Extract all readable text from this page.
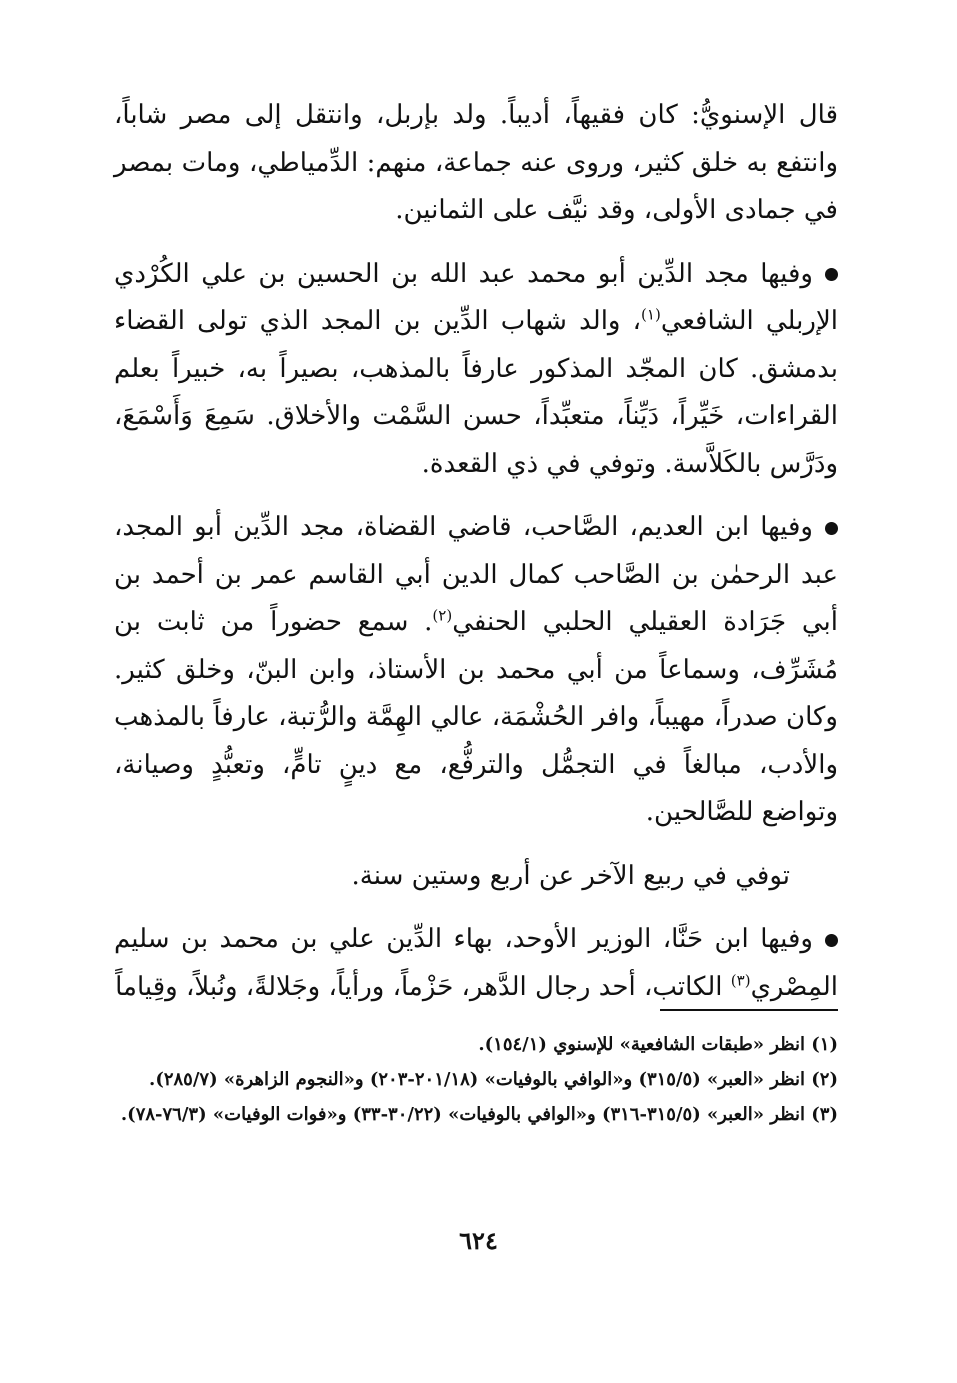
قال الإسنويُّ: كان فقيهاً، أديباً. ولد بإربل، وانتقل إلى مصر شاباً، وانتفع به خلق كثير، وروى عنه جماعة، منهم: الدِّمياطي، ومات بمصر في جمادى الأولى، وقد نيَّف على الثمانين.

وفيها مجد الدِّين أبو محمد عبد الله بن الحسين بن علي الكُرْدي الإربلي الشافعي$^{(١)}$، والد شهاب الدِّين بن المجد الذي تولى القضاء بدمشق. كان المجّد المذكور عارفاً بالمذهب، بصيراً به، خبيراً بعلم القراءات، خَيِّراً، دَيِّناً، متعبِّداً، حسن السَّمْت والأخلاق. سَمِعَ وَأَسْمَعَ، ودَرَّس بالكَلاَّسة. وتوفي في ذي القعدة.

وفيها ابن العديم، الصَّاحب، قاضي القضاة، مجد الدِّين أبو المجد، عبد الرحمٰن بن الصَّاحب كمال الدين أبي القاسم عمر بن أحمد بن أبي جَرَادة العقيلي الحلبي الحنفي$^{(٢)}$. سمع حضوراً من ثابت بن مُشَرِّف، وسماعاً من أبي محمد بن الأستاذ، وابن البنّ، وخلق كثير. وكان صدراً، مهيباً، وافر الحُشْمَة، عالي الهِمَّة والرُّتبة، عارفاً بالمذهب والأدب، مبالغاً في التجمُّل والترفُّع، مع دينٍ تامٍّ، وتعبُّدٍ وصيانة، وتواضع للصَّالحين.

توفي في ربيع الآخر عن أربع وستين سنة.

وفيها ابن حَنَّا، الوزير الأوحد، بهاء الدِّين علي بن محمد بن سليم المِصْري$^{(٣)}$ الكاتب، أحد رجال الدَّهر، حَزْماً، ورأياً، وجَلالةً، ونُبلاً، وقِياماً

(١) انظر «طبقات الشافعية» للإسنوي (١٥٤/١).

(٢) انظر «العبر» (٣١٥/٥) و«الوافي بالوفيات» (٢٠١/١٨-٢٠٣) و«النجوم الزاهرة» (٢٨٥/٧).

(٣) انظر «العبر» (٣١٥/٥-٣١٦) و«الوافي بالوفيات» (٣٠/٢٢-٣٣) و«فوات الوفيات» (٧٦/٣-٧٨).

٦٢٤
